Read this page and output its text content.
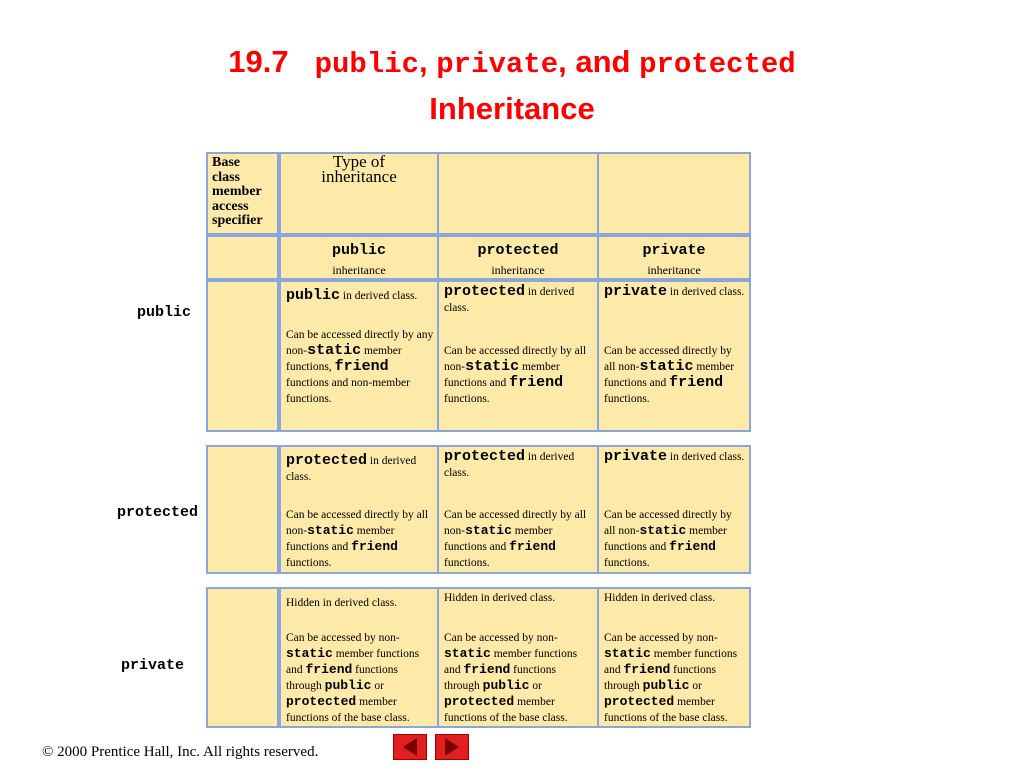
19.7 public, private, and protected
Inheritance
Base
class
member
access
specifier
Type of
inheritance
public
inheritance
protected
inheritance
private
inheritance
public
protected
private
public in derived class.
Can be accessed directly by any non-static member functions, friend functions and non-member functions.
protected in derived class.
Can be accessed directly by all non-static member functions and friend functions.
private in derived class.
Can be accessed directly by all non-static member functions and friend functions.
protected in derived class.
Can be accessed directly by all non-static member functions and friend functions.
protected in derived class.
Can be accessed directly by all non-static member functions and friend functions.
private in derived class.
Can be accessed directly by all non-static member functions and friend functions.
Hidden in derived class.
Can be accessed by non- static member functions and friend functions through public or protected member functions of the base class.
Hidden in derived class.
Can be accessed by non- static member functions and friend functions through public or protected member functions of the base class.
Hidden in derived class.
Can be accessed by non- static member functions and friend functions through public or protected member functions of the base class.
© 2000 Prentice Hall, Inc. All rights reserved.
